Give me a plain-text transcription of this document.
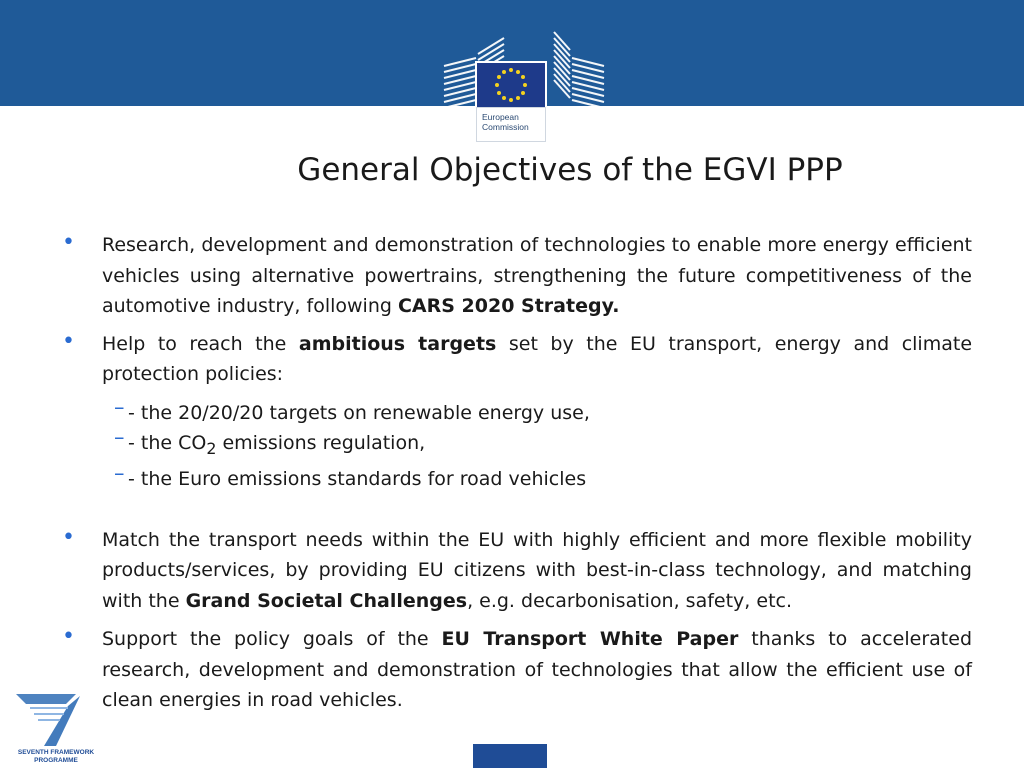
European
Commission
General Objectives of the EGVI PPP

• Research, development and demonstration of technologies to enable more energy efficient vehicles using alternative powertrains, strengthening the future competitiveness of the automotive industry, following CARS 2020 Strategy.

• Help to reach the ambitious targets set by the EU transport, energy and climate protection policies:

– - the 20/20/20 targets on renewable energy use,
– - the $CO_2$ emissions regulation,
– - the Euro emissions standards for road vehicles

• Match the transport needs within the EU with highly efficient and more flexible mobility products/services, by providing EU citizens with best-in-class technology, and matching with the Grand Societal Challenges, e.g. decarbonisation, safety, etc.

• Support the policy goals of the EU Transport White Paper thanks to accelerated research, development and demonstration of technologies that allow the efficient use of clean energies in road vehicles.

SEVENTH FRAMEWORK
PROGRAMME
